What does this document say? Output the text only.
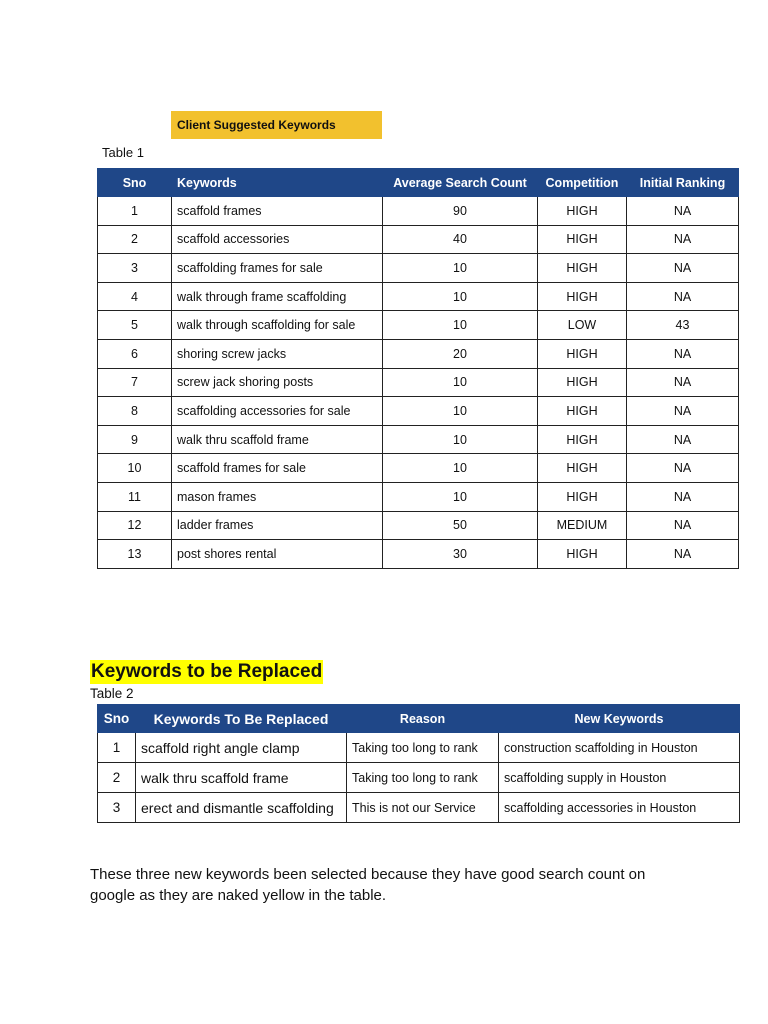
Client Suggested Keywords
Table 1
Sno	Keywords	Average Search Count	Competition	Initial Ranking
1	scaffold frames	90	HIGH	NA
2	scaffold accessories	40	HIGH	NA
3	scaffolding frames for sale	10	HIGH	NA
4	walk through frame scaffolding	10	HIGH	NA
5	walk through scaffolding for sale	10	LOW	43
6	shoring screw jacks	20	HIGH	NA
7	screw jack shoring posts	10	HIGH	NA
8	scaffolding accessories for sale	10	HIGH	NA
9	walk thru scaffold frame	10	HIGH	NA
10	scaffold frames for sale	10	HIGH	NA
11	mason frames	10	HIGH	NA
12	ladder frames	50	MEDIUM	NA
13	post shores rental	30	HIGH	NA
Keywords to be Replaced
Table 2
Sno	Keywords To Be Replaced	Reason	New Keywords
1	scaffold right angle clamp	Taking too long to rank	construction scaffolding in Houston
2	walk thru scaffold frame	Taking too long to rank	scaffolding supply in Houston
3	erect and dismantle scaffolding	This is not our Service	scaffolding accessories in Houston

These three new keywords been selected because they have good search count on google as they are naked yellow in the table.
